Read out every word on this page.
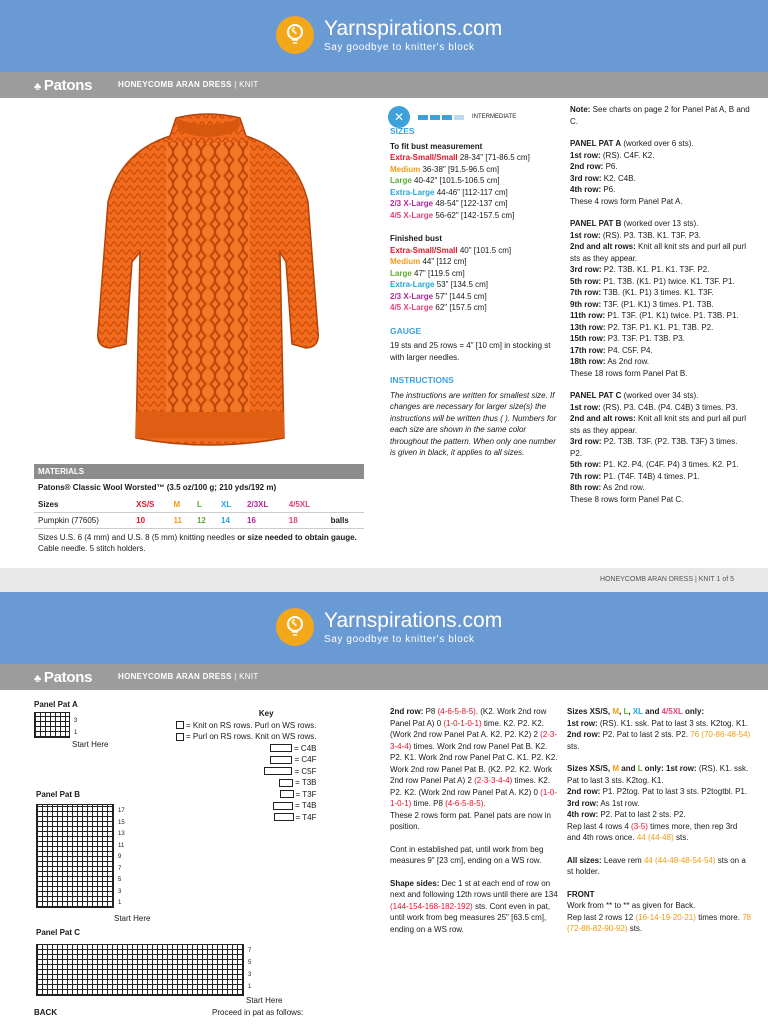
Yarnspirations.com
Say goodbye to knitter's block
♣ Patons	HONEYCOMB ARAN DRESS | KNIT
MATERIALS
Patons® Classic Wool Worsted™ (3.5 oz/100 g; 210 yds/192 m)
Sizes	XS/S	M	L	XL	2/3XL	4/5XL	
Pumpkin (77605)	10	11	12	14	16	18	balls
Sizes U.S. 6 (4 mm) and U.S. 8 (5 mm) knitting needles or size needed to obtain gauge. Cable needle. 5 stitch holders.
✕	INTERMEDIATE

SIZES

To fit bust measurement

Extra-Small/Small 28-34" [71-86.5 cm]

Medium 36-38" [91.5-96.5 cm]

Large 40-42" [101.5-106.5 cm]

Extra-Large 44-46" [112-117 cm]

2/3 X-Large 48-54" [122-137 cm]

4/5 X-Large 56-62" [142-157.5 cm]

Finished bust

Extra-Small/Small 40" [101.5 cm]

Medium 44" [112 cm]

Large 47" [119.5 cm]

Extra-Large 53" [134.5 cm]

2/3 X-Large 57" [144.5 cm]

4/5 X-Large 62" [157.5 cm]

GAUGE

19 sts and 25 rows = 4" [10 cm] in stocking st with larger needles.

INSTRUCTIONS

The instructions are written for smallest size. If changes are necessary for larger size(s) the instructions will be written thus ( ). Numbers for each size are shown in the same color throughout the pattern. When only one number is given in black, it applies to all sizes.

Note: See charts on page 2 for Panel Pat A, B and C.

PANEL PAT A (worked over 6 sts).

1st row: (RS). C4F. K2.

2nd row: P6.

3rd row: K2. C4B.

4th row: P6.

These 4 rows form Panel Pat A.

PANEL PAT B (worked over 13 sts).

1st row: (RS). P3. T3B. K1. T3F. P3.

2nd and alt rows: Knit all knit sts and purl all purl sts as they appear.

3rd row: P2. T3B. K1. P1. K1. T3F. P2.

5th row: P1. T3B. (K1. P1) twice. K1. T3F. P1.

7th row: T3B. (K1. P1) 3 times. K1. T3F.

9th row: T3F. (P1. K1) 3 times. P1. T3B.

11th row: P1. T3F. (P1. K1) twice. P1. T3B. P1.

13th row: P2. T3F. P1. K1. P1. T3B. P2.

15th row: P3. T3F. P1. T3B. P3.

17th row: P4. C5F. P4.

18th row: As 2nd row.

These 18 rows form Panel Pat B.

PANEL PAT C (worked over 34 sts).

1st row: (RS). P3. C4B. (P4. C4B) 3 times. P3.

2nd and alt rows: Knit all knit sts and purl all purl sts as they appear.

3rd row: P2. T3B. T3F. (P2. T3B. T3F) 3 times. P2.

5th row: P1. K2. P4. (C4F. P4) 3 times. K2. P1.

7th row: P1. (T4F. T4B) 4 times. P1.

8th row: As 2nd row.

These 8 rows form Panel Pat C.

HONEYCOMB ARAN DRESS | KNIT 1 of 5
Yarnspirations.com
Say goodbye to knitter's block
♣ Patons	HONEYCOMB ARAN DRESS | KNIT
Panel Pat A
3
1
Start Here
Panel Pat B
17
15
13
11
9
7
5
3
1
Start Here
Panel Pat C
7
5
3
1
Start Here
Key
= Knit on RS rows. Purl on WS rows.
= Purl on RS rows. Knit on WS rows.
= C4B
= C4F
= C5F
= T3B
= T3F
= T4B
= T4F
BACK	Proceed in pat as follows:

2nd row: P8 (4-6-5-8-5). (K2. Work 2nd row Panel Pat A) 0 (1-0-1-0-1) time. K2. P2. K2. (Work 2nd row Panel Pat A. K2. P2. K2) 2 (2-3-3-4-4) times. Work 2nd row Panel Pat B. K2. P2. K1. Work 2nd row Panel Pat C. K1. P2. K2. Work 2nd row Panel Pat B. (K2. P2. K2. Work 2nd row Panel Pat A) 2 (2-3-3-4-4) times. K2. P2. K2. (Work 2nd row Panel Pat A. K2) 0 (1-0-1-0-1) time. P8 (4-6-5-8-5).

These 2 rows form pat. Panel pats are now in position.

Cont in established pat, until work from beg measures 9" [23 cm], ending on a WS row.

Shape sides: Dec 1 st at each end of row on next and following 12th rows until there are 134 (144-154-168-182-192) sts. Cont even in pat, until work from beg measures 25" [63.5 cm], ending on a WS row.

Sizes XS/S, M, L, XL and 4/5XL only:

1st row: (RS). K1. ssk. Pat to last 3 sts. K2tog. K1.

2nd row: P2. Pat to last 2 sts. P2. 76 (70-86-48-54) sts.

Sizes XS/S, M and L only: 1st row: (RS). K1. ssk. Pat to last 3 sts. K2tog. K1.

2nd row: P1. P2tog. Pat to last 3 sts. P2togtbl. P1.

3rd row: As 1st row.

4th row: P2. Pat to last 2 sts. P2.

Rep last 4 rows 4 (3-5) times more, then rep 3rd and 4th rows once. 44 (44-48) sts.

All sizes: Leave rem 44 (44-48-48-54-54) sts on a st holder.

FRONT

Work from ** to ** as given for Back.

Rep last 2 rows 12 (16-14-19-20-21) times more. 78 (72-88-82-90-92) sts.
